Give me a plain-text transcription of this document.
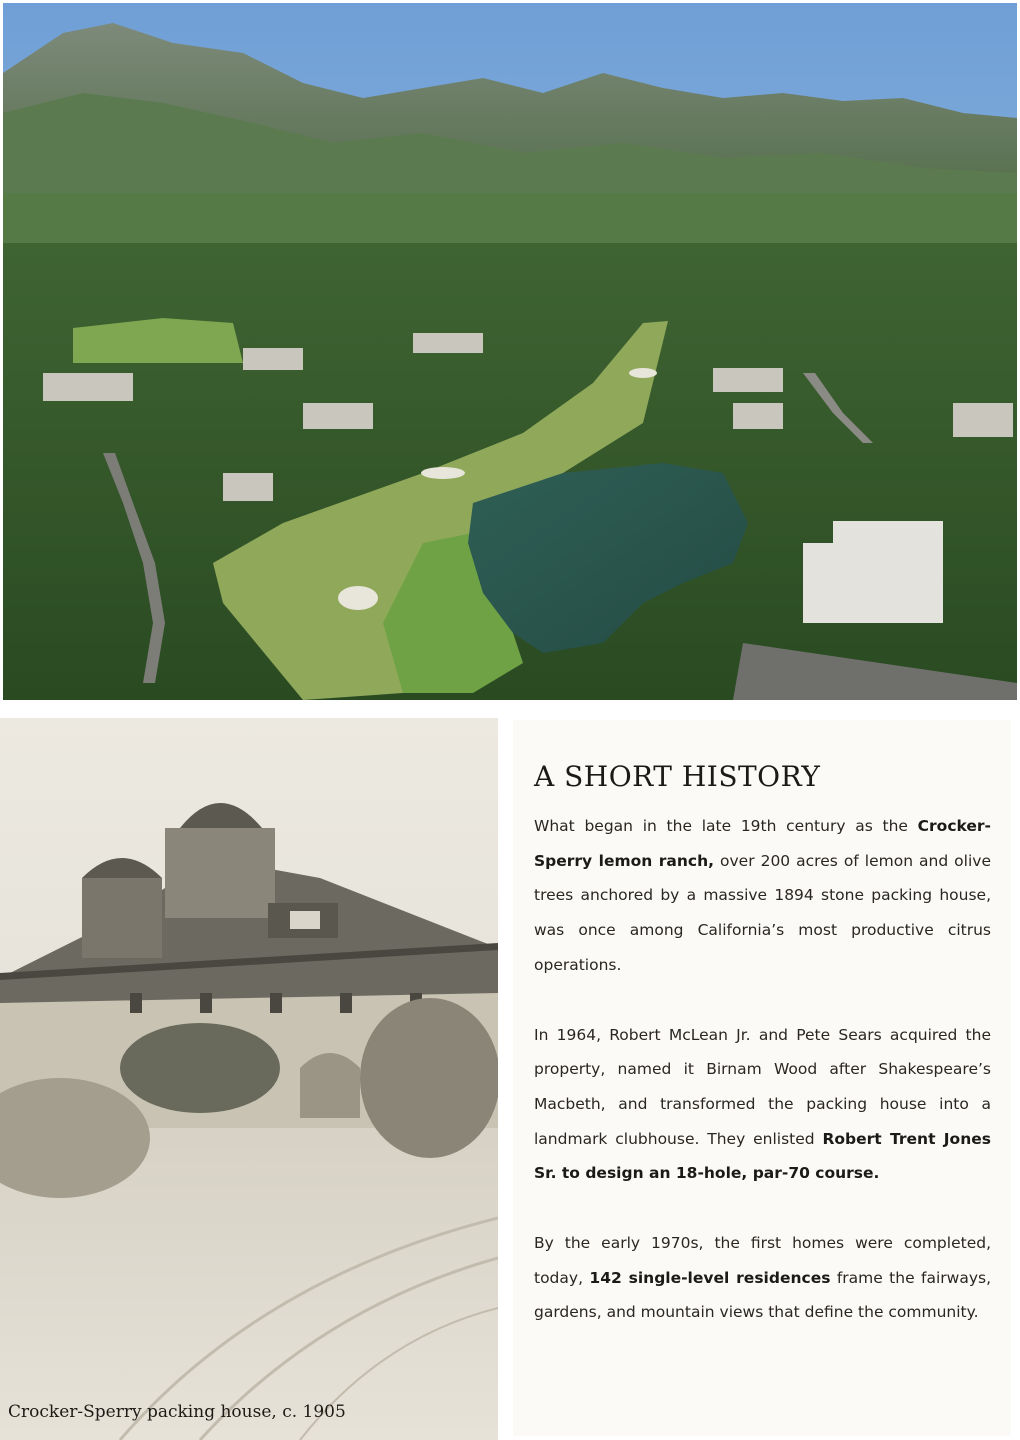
Crocker-Sperry packing house, c. 1905
A SHORT HISTORY

What began in the late 19th century as the Crocker-Sperry lemon ranch, over 200 acres of lemon and olive trees anchored by a massive 1894 stone packing house, was once among California’s most productive citrus operations.

In 1964, Robert McLean Jr. and Pete Sears acquired the property, named it Birnam Wood after Shakespeare’s Macbeth, and transformed the packing house into a landmark clubhouse. They enlisted Robert Trent Jones Sr. to design an 18-hole, par-70 course.

By the early 1970s, the first homes were completed, today, 142 single-level residences frame the fairways, gardens, and mountain views that define the community.
